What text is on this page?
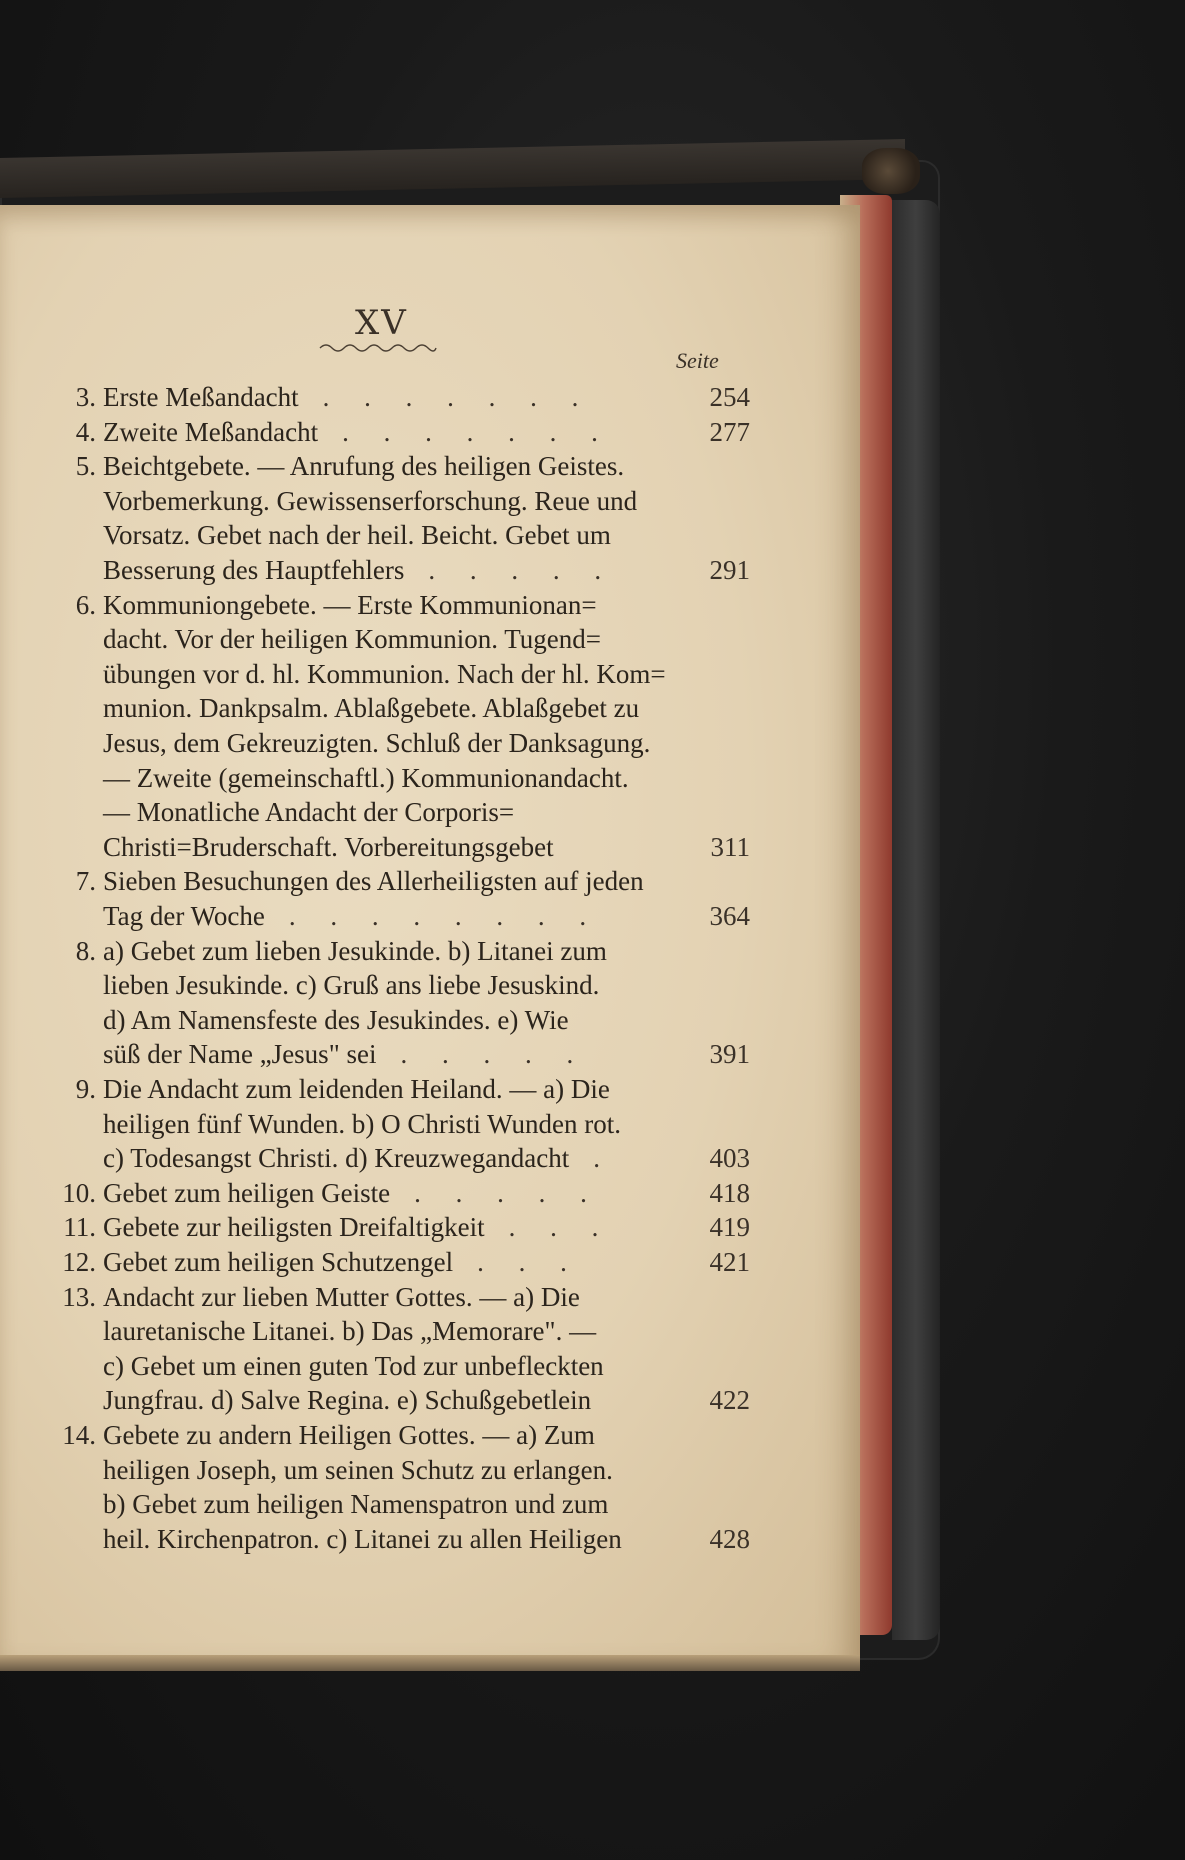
XV
Seite
3. Erste Meßandacht . . . . . . .	254
4. Zweite Meßandacht . . . . . . .	277
5. Beichtgebete. — Anrufung des heiligen Geistes.
Vorbemerkung. Gewissenserforschung. Reue und
Vorsatz. Gebet nach der heil. Beicht. Gebet um
Besserung des Hauptfehlers . . . . .	291
6. Kommuniongebete. — Erste Kommunionan=
dacht. Vor der heiligen Kommunion. Tugend=
übungen vor d. hl. Kommunion. Nach der hl. Kom=
munion. Dankpsalm. Ablaßgebete. Ablaßgebet zu
Jesus, dem Gekreuzigten. Schluß der Danksagung.
— Zweite (gemeinschaftl.) Kommunionandacht.
— Monatliche Andacht der Corporis=
Christi=Bruderschaft. Vorbereitungsgebet	311
7. Sieben Besuchungen des Allerheiligsten auf jeden
Tag der Woche . . . . . . . .	364
8. a) Gebet zum lieben Jesukinde. b) Litanei zum
lieben Jesukinde. c) Gruß ans liebe Jesuskind.
d) Am Namensfeste des Jesukindes. e) Wie
süß der Name „Jesus" sei . . . . .	391
9. Die Andacht zum leidenden Heiland. — a) Die
heiligen fünf Wunden. b) O Christi Wunden rot.
c) Todesangst Christi. d) Kreuzwegandacht .	403
10. Gebet zum heiligen Geiste . . . . .	418
11. Gebete zur heiligsten Dreifaltigkeit . . .	419
12. Gebet zum heiligen Schutzengel . . .	421
13. Andacht zur lieben Mutter Gottes. — a) Die
lauretanische Litanei. b) Das „Memorare". —
c) Gebet um einen guten Tod zur unbefleckten
Jungfrau. d) Salve Regina. e) Schußgebetlein	422
14. Gebete zu andern Heiligen Gottes. — a) Zum
heiligen Joseph, um seinen Schutz zu erlangen.
b) Gebet zum heiligen Namenspatron und zum
heil. Kirchenpatron. c) Litanei zu allen Heiligen	428
